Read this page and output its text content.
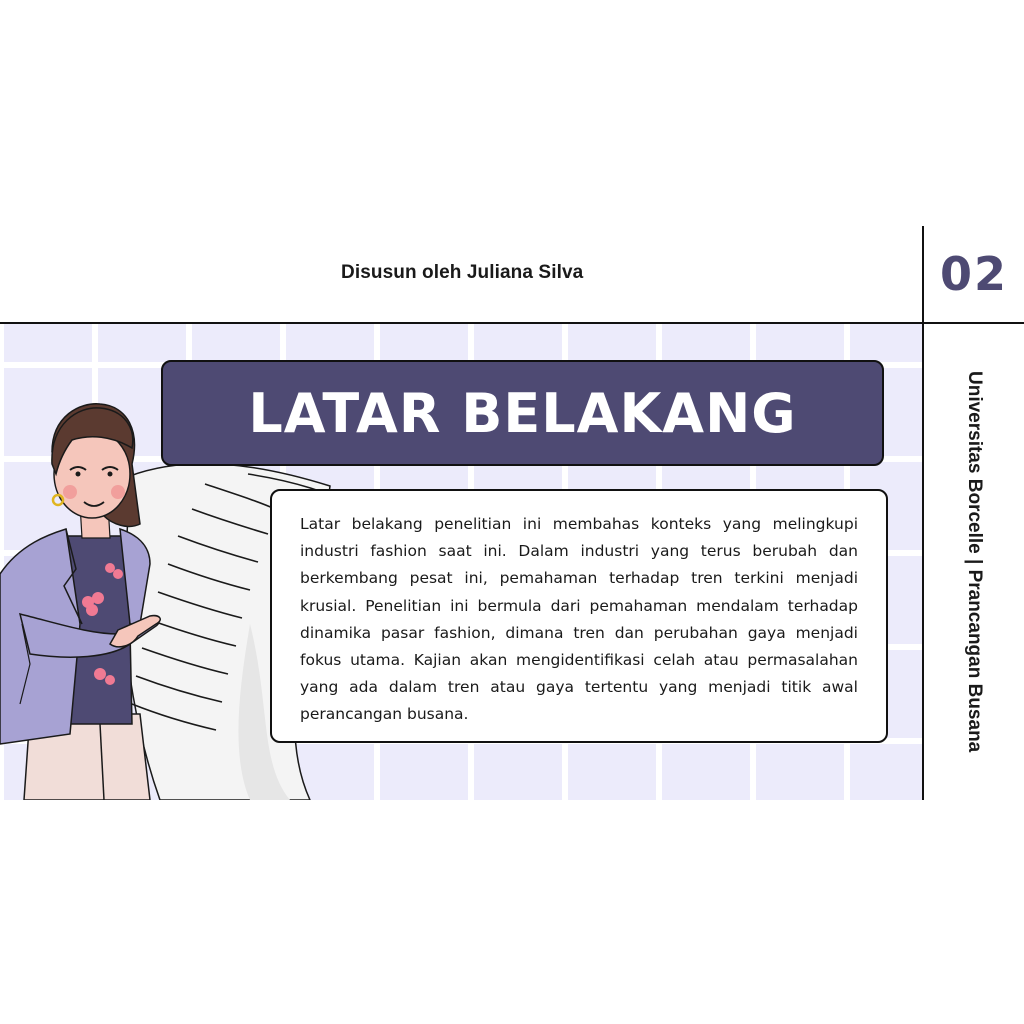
Disusun oleh Juliana Silva	02
Universitas Borcelle | Prancangan Busana
LATAR BELAKANG

Latar belakang penelitian ini membahas konteks yang melingkupi industri fashion saat ini. Dalam industri yang terus berubah dan berkembang pesat ini, pemahaman terhadap tren terkini menjadi krusial. Penelitian ini bermula dari pemahaman mendalam terhadap dinamika pasar fashion, dimana tren dan perubahan gaya menjadi fokus utama. Kajian akan mengidentifikasi celah atau permasalahan yang ada dalam tren atau gaya tertentu yang menjadi titik awal perancangan busana.
